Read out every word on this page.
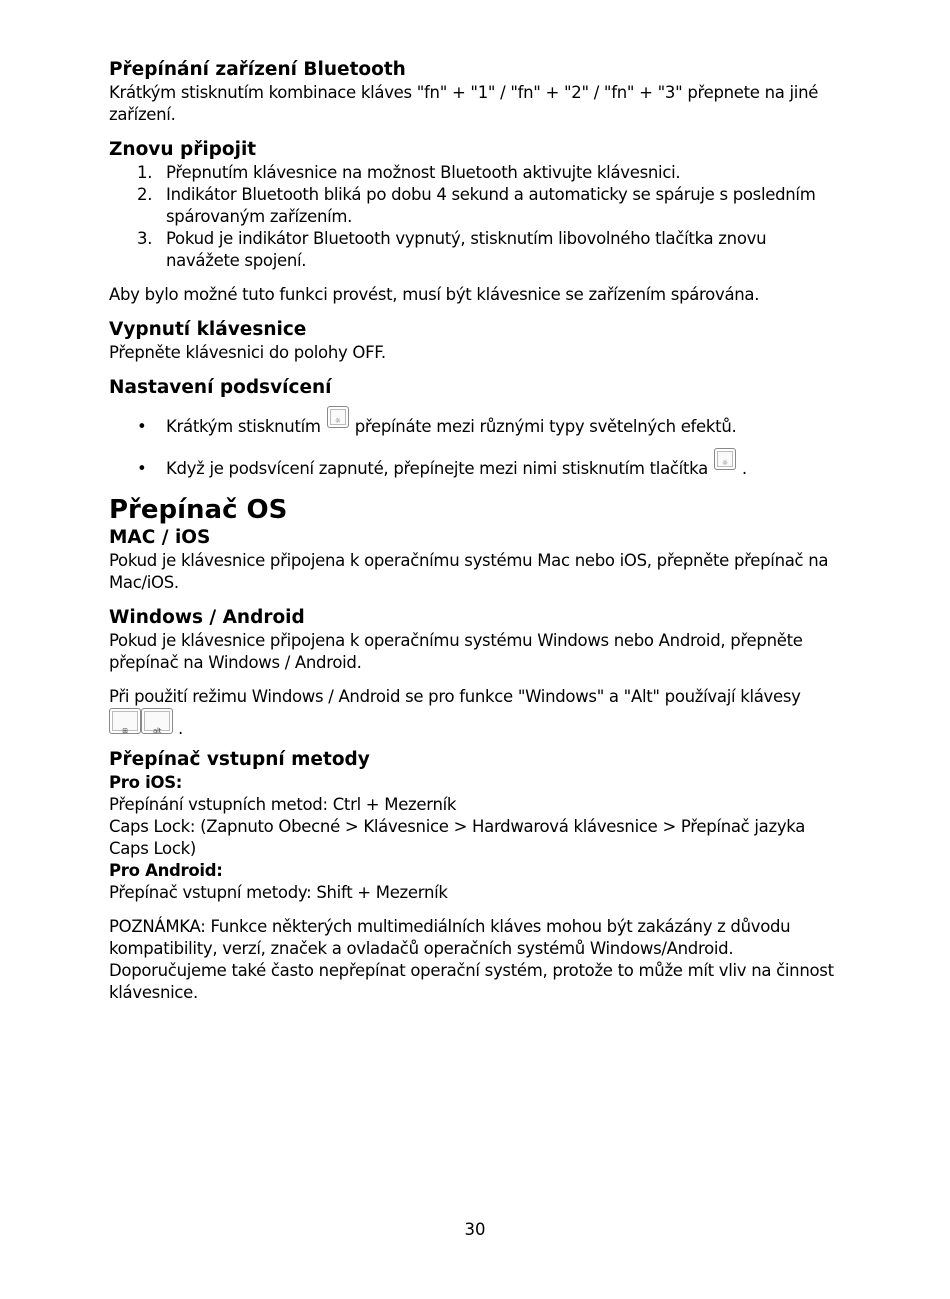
Přepínání zařízení Bluetooth

Krátkým stisknutím kombinace kláves "fn" + "1" / "fn" + "2" / "fn" + "3" přepnete na jiné

zařízení.

Znovu připojit

1. Přepnutím klávesnice na možnost Bluetooth aktivujte klávesnici.
2. Indikátor Bluetooth bliká po dobu 4 sekund a automaticky se spáruje s posledním
spárovaným zařízením.
3. Pokud je indikátor Bluetooth vypnutý, stisknutím libovolného tlačítka znovu
navážete spojení.

Aby bylo možné tuto funkci provést, musí být klávesnice se zařízením spárována.

Vypnutí klávesnice

Přepněte klávesnici do polohy OFF.

Nastavení podsvícení

•	Krátkým stisknutím	☼ přepínáte mezi různými typy světelných efektů.
•	Když je podsvícení zapnuté, přepínejte mezi nimi stisknutím tlačítka	☼ .

Přepínač OS

MAC / iOS

Pokud je klávesnice připojena k operačnímu systému Mac nebo iOS, přepněte přepínač na

Mac/iOS.

Windows / Android

Pokud je klávesnice připojena k operačnímu systému Windows nebo Android, přepněte

přepínač na Windows / Android.

Při použití režimu Windows / Android se pro funkce "Windows" a "Alt" používají klávesy

⊞	alt	.

Přepínač vstupní metody

Pro iOS:

Přepínání vstupních metod: Ctrl + Mezerník

Caps Lock: (Zapnuto Obecné > Klávesnice > Hardwarová klávesnice > Přepínač jazyka

Caps Lock)

Pro Android:

Přepínač vstupní metody: Shift + Mezerník

POZNÁMKA: Funkce některých multimediálních kláves mohou být zakázány z důvodu

kompatibility, verzí, značek a ovladačů operačních systémů Windows/Android.

Doporučujeme také často nepřepínat operační systém, protože to může mít vliv na činnost

klávesnice.

30
